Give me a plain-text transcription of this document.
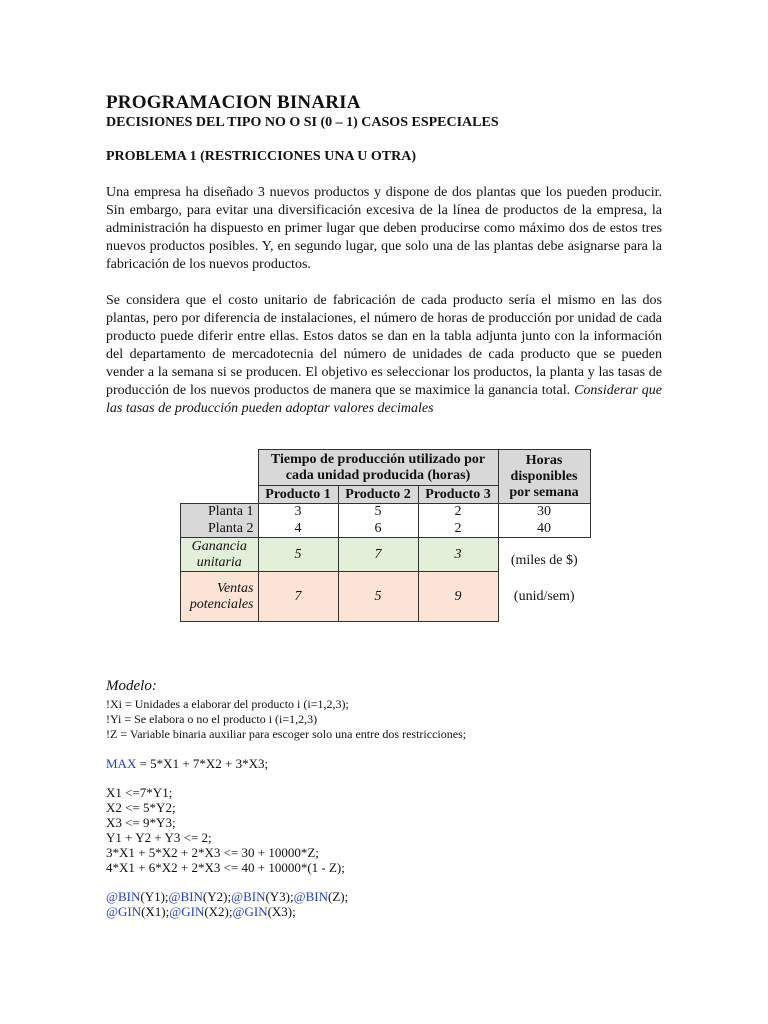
PROGRAMACION BINARIA

DECISIONES DEL TIPO NO O SI (0 – 1) CASOS ESPECIALES

PROBLEMA 1 (RESTRICCIONES UNA U OTRA)

Una empresa ha diseñado 3 nuevos productos y dispone de dos plantas que los pueden producir. Sin embargo, para evitar una diversificación excesiva de la línea de productos de la empresa, la administración ha dispuesto en primer lugar que deben producirse como máximo dos de estos tres nuevos productos posibles. Y, en segundo lugar, que solo una de las plantas debe asignarse para la fabricación de los nuevos productos.

Se considera que el costo unitario de fabricación de cada producto sería el mismo en las dos plantas, pero por diferencia de instalaciones, el número de horas de producción por unidad de cada producto puede diferir entre ellas. Estos datos se dan en la tabla adjunta junto con la información del departamento de mercadotecnia del número de unidades de cada producto que se pueden vender a la semana si se producen. El objetivo es seleccionar los productos, la planta y las tasas de producción de los nuevos productos de manera que se maximice la ganancia total. Considerar que las tasas de producción pueden adoptar valores decimales

	Tiempo de producción utilizado por cada unidad producida (horas)			Horas disponibles por semana
	Producto 1	Producto 2	Producto 3	
Planta 1	3	5	2	30
Planta 2	4	6	2	40
Ganancia unitaria	5	7	3	(miles de $)
Ventas potenciales	7	5	9	(unid/sem)

Modelo:

!Xi = Unidades a elaborar del producto i (i=1,2,3);

!Yi = Se elabora o no el producto i (i=1,2,3)

!Z = Variable binaria auxiliar para escoger solo una entre dos restricciones;

MAX = 5*X1 + 7*X2 + 3*X3;

X1 <=7*Y1;

X2 <= 5*Y2;

X3 <= 9*Y3;

Y1 + Y2 + Y3 <= 2;

3*X1 + 5*X2 + 2*X3 <= 30 + 10000*Z;

4*X1 + 6*X2 + 2*X3 <= 40 + 10000*(1 - Z);

@BIN(Y1);@BIN(Y2);@BIN(Y3);@BIN(Z);

@GIN(X1);@GIN(X2);@GIN(X3);
